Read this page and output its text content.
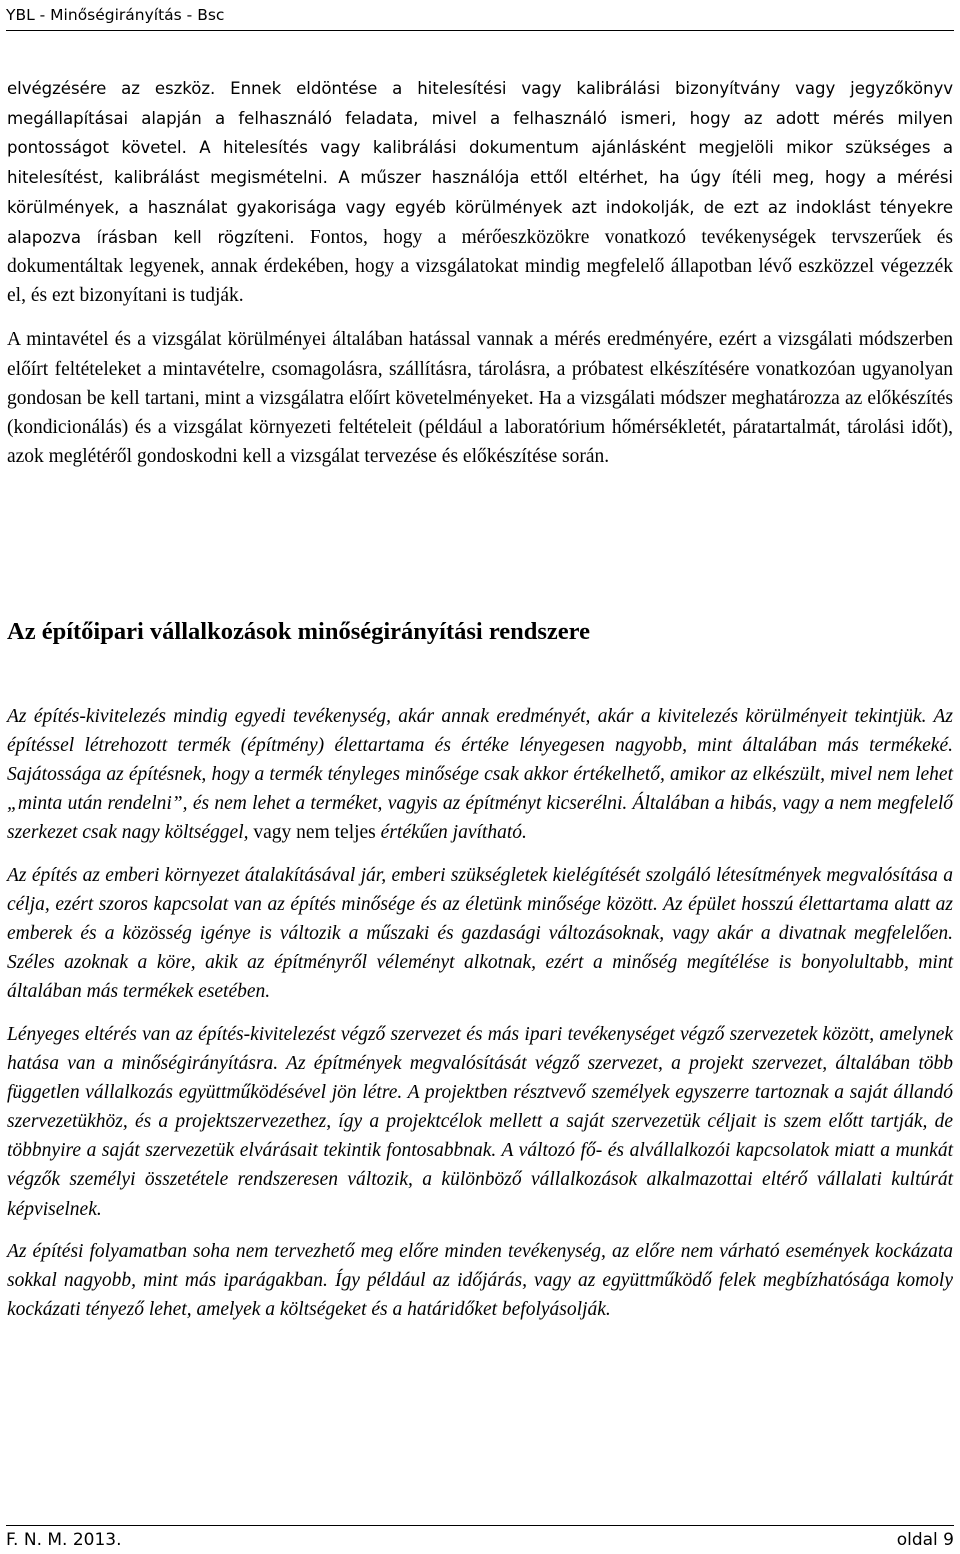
YBL - Minőségirányítás - Bsc

elvégzésére az eszköz. Ennek eldöntése a hitelesítési vagy kalibrálási bizonyítvány vagy jegyzőkönyv megállapításai alapján a felhasználó feladata, mivel a felhasználó ismeri, hogy az adott mérés milyen pontosságot követel. A hitelesítés vagy kalibrálási dokumentum ajánlásként megjelöli mikor szükséges a hitelesítést, kalibrálást megismételni. A műszer használója ettől eltérhet, ha úgy ítéli meg, hogy a mérési körülmények, a használat gyakorisága vagy egyéb körülmények azt indokolják, de ezt az indoklást tényekre alapozva írásban kell rögzíteni. Fontos, hogy a mérőeszközökre vonatkozó tevékenységek tervszerűek és dokumentáltak legyenek, annak érdekében, hogy a vizsgálatokat mindig megfelelő állapotban lévő eszközzel végezzék el, és ezt bizonyítani is tudják.

A mintavétel és a vizsgálat körülményei általában hatással vannak a mérés eredményére, ezért a vizsgálati módszerben előírt feltételeket a mintavételre, csomagolásra, szállításra, tárolásra, a próbatest elkészítésére vonatkozóan ugyanolyan gondosan be kell tartani, mint a vizsgálatra előírt követelményeket. Ha a vizsgálati módszer meghatározza az előkészítés (kondicionálás) és a vizsgálat környezeti feltételeit (például a laboratórium hőmérsékletét, páratartalmát, tárolási időt), azok meglétéről gondoskodni kell a vizsgálat tervezése és előkészítése során.

Az építőipari vállalkozások minőségirányítási rendszere

Az építés-kivitelezés mindig egyedi tevékenység, akár annak eredményét, akár a kivitelezés körülményeit tekintjük. Az építéssel létrehozott termék (építmény) élettartama és értéke lényegesen nagyobb, mint általában más termékeké. Sajátossága az építésnek, hogy a termék tényleges minősége csak akkor értékelhető, amikor az elkészült, mivel nem lehet „minta után rendelni”, és nem lehet a terméket, vagyis az építményt kicserélni. Általában a hibás, vagy a nem megfelelő szerkezet csak nagy költséggel, vagy nem teljes értékűen javítható.

Az építés az emberi környezet átalakításával jár, emberi szükségletek kielégítését szolgáló létesítmények megvalósítása a célja, ezért szoros kapcsolat van az építés minősége és az életünk minősége között. Az épület hosszú élettartama alatt az emberek és a közösség igénye is változik a műszaki és gazdasági változásoknak, vagy akár a divatnak megfelelően. Széles azoknak a köre, akik az építményről véleményt alkotnak, ezért a minőség megítélése is bonyolultabb, mint általában más termékek esetében.

Lényeges eltérés van az építés-kivitelezést végző szervezet és más ipari tevékenységet végző szervezetek között, amelynek hatása van a minőségirányításra. Az építmények megvalósítását végző szervezet, a projekt szervezet, általában több független vállalkozás együttműködésével jön létre. A projektben résztvevő személyek egyszerre tartoznak a saját állandó szervezetükhöz, és a projektszervezethez, így a projektcélok mellett a saját szervezetük céljait is szem előtt tartják, de többnyire a saját szervezetük elvárásait tekintik fontosabbnak. A változó fő- és alvállalkozói kapcsolatok miatt a munkát végzők személyi összetétele rendszeresen változik, a különböző vállalkozások alkalmazottai eltérő vállalati kultúrát képviselnek.

Az építési folyamatban soha nem tervezhető meg előre minden tevékenység, az előre nem várható események kockázata sokkal nagyobb, mint más iparágakban. Így például az időjárás, vagy az együttműködő felek megbízhatósága komoly kockázati tényező lehet, amelyek a költségeket és a határidőket befolyásolják.

F. N. M. 2013.	oldal 9
